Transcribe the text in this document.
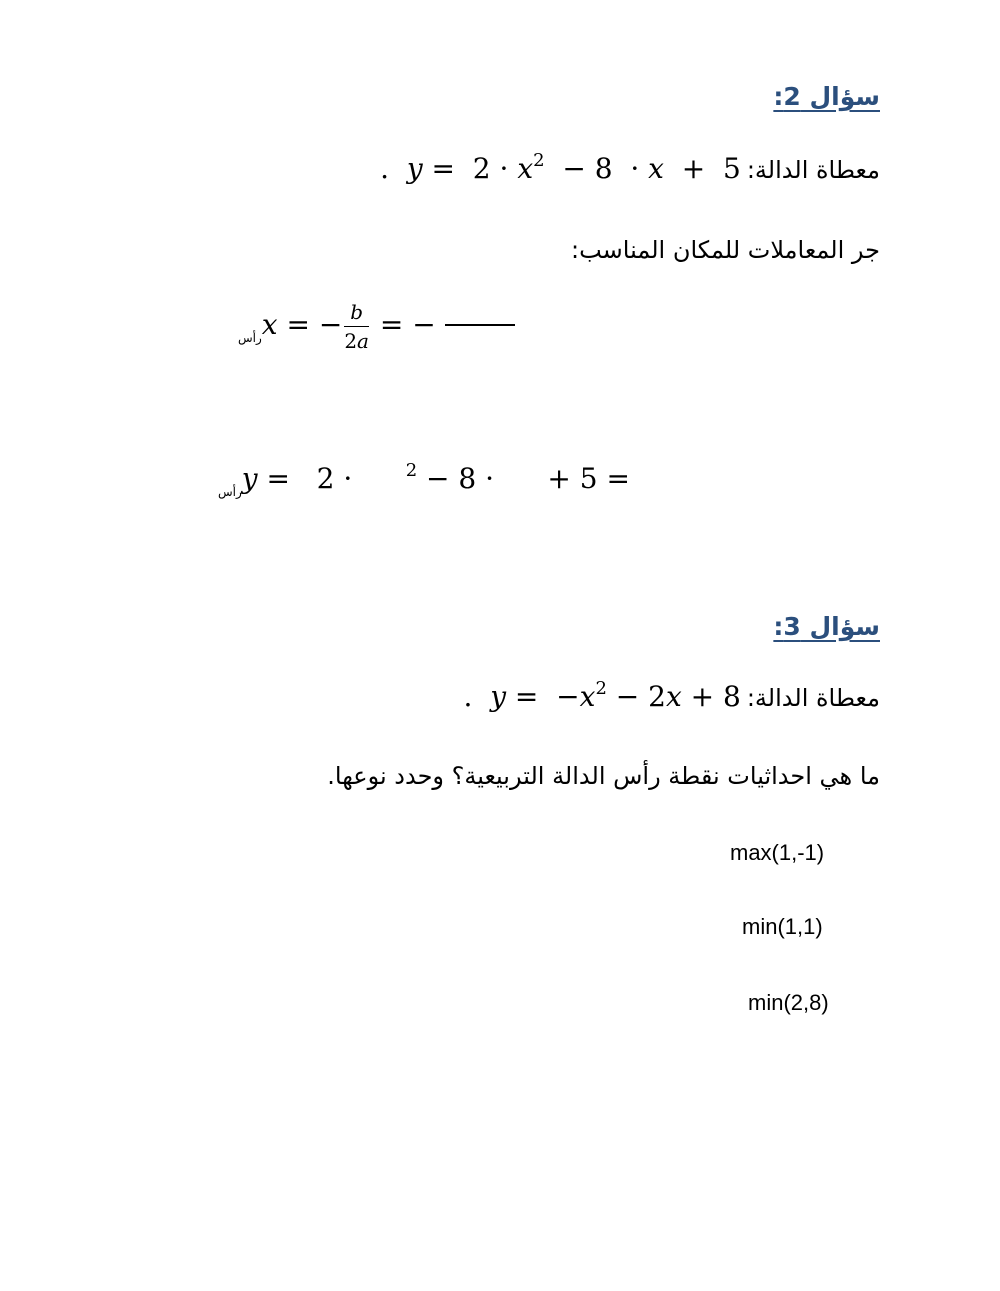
سؤال 2:
معطاة الدالة:
. $y = 2 \cdot x^2 - 8 \cdot x + 5$
جر المعاملات للمكان المناسب:
$_{رأس}$x = − $\frac{b}{2a}$ = −
$_{رأس}$y =   2 ·      $^2$ − 8 ·      + 5 =
سؤال 3:
معطاة الدالة:
. $y = -x^2 - 2x + 8$
ما هي احداثيات نقطة رأس الدالة التربيعية؟ وحدد نوعها.
max(1,-1)
min(1,1)
min(2,8)
